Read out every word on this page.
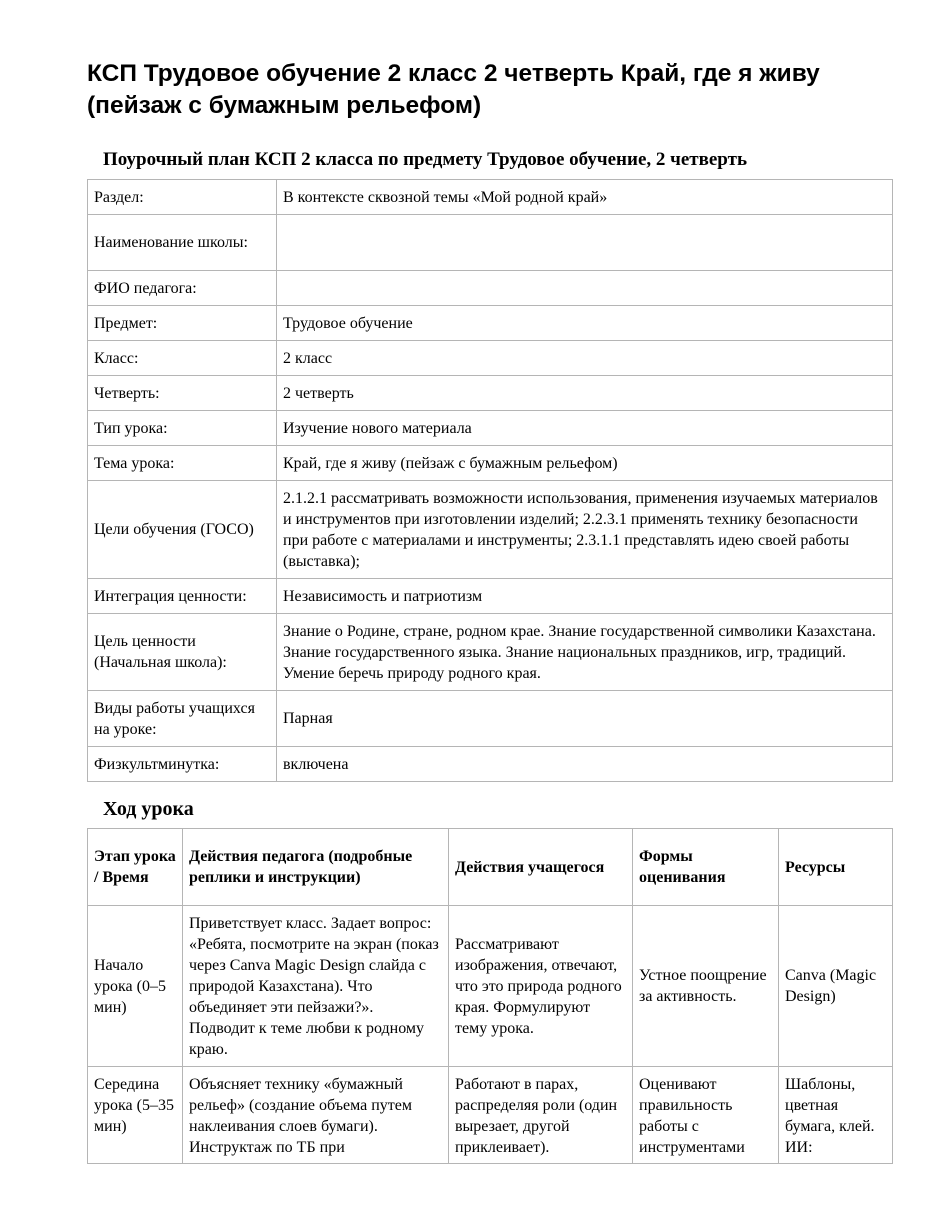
КСП Трудовое обучение 2 класс 2 четверть Край, где я живу (пейзаж с бумажным рельефом)
Поурочный план КСП 2 класса по предмету Трудовое обучение, 2 четверть
Раздел:	В контексте сквозной темы «Мой родной край»
Наименование школы:	
ФИО педагога:	
Предмет:	Трудовое обучение
Класс:	2 класс
Четверть:	2 четверть
Тип урока:	Изучение нового материала
Тема урока:	Край, где я живу (пейзаж с бумажным рельефом)
Цели обучения (ГОСО)	2.1.2.1 рассматривать возможности использования, применения изучаемых материалов и инструментов при изготовлении изделий; 2.2.3.1 применять технику безопасности при работе с материалами и инструменты; 2.3.1.1 представлять идею своей работы (выставка);
Интеграция ценности:	Независимость и патриотизм
Цель ценности (Начальная школа):	Знание о Родине, стране, родном крае. Знание государственной символики Казахстана. Знание государственного языка. Знание национальных праздников, игр, традиций. Умение беречь природу родного края.
Виды работы учащихся на уроке:	Парная
Физкультминутка:	включена
Ход урока
Этап урока / Время	Действия педагога (подробные реплики и инструкции)	Действия учащегося	Формы оценивания	Ресурсы
Начало урока (0–5 мин)	Приветствует класс. Задает вопрос: «Ребята, посмотрите на экран (показ через Canva Magic Design слайда с природой Казахстана). Что объединяет эти пейзажи?». Подводит к теме любви к родному краю.	Рассматривают изображения, отвечают, что это природа родного края. Формулируют тему урока.	Устное поощрение за активность.	Canva (Magic Design)

Середина урока (5–35 мин)	Объясняет технику «бумажный рельеф» (создание объема путем наклеивания слоев бумаги). Инструктаж по ТБ при	Работают в парах, распределяя роли (один вырезает, другой приклеивает).	Оценивают правильность работы с инструментами	Шаблоны, цветная бумага, клей. ИИ:
